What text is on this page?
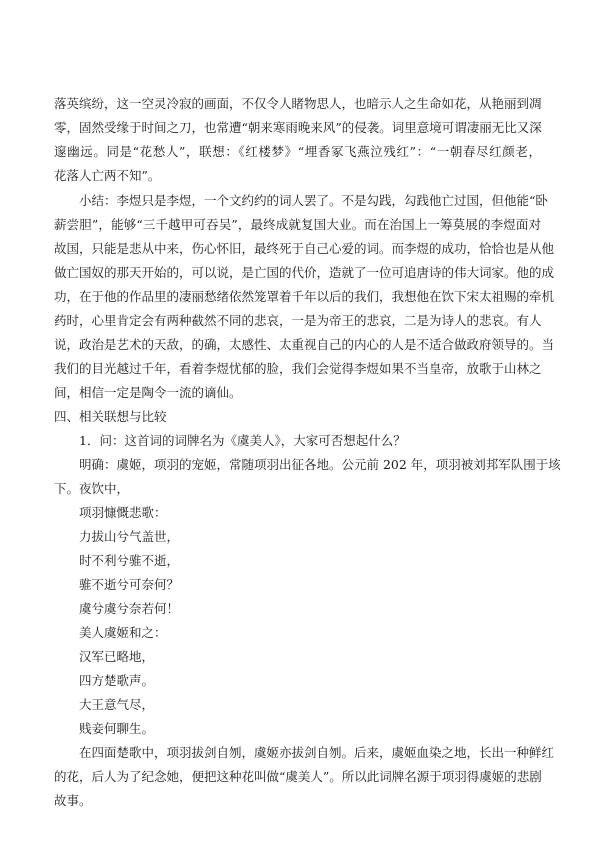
落英缤纷，这一空灵冷寂的画面，不仅令人睹物思人，也暗示人之生命如花，从艳丽到凋
零，固然受缘于时间之刀，也常遭“朝来寒雨晚来风”的侵袭。词里意境可谓凄丽无比又深
邃幽远。同是“花愁人”，联想：《红楼梦》“埋香冢飞燕泣残红”：“一朝春尽红颜老，
花落人亡两不知”。
小结：李煜只是李煜，一个文约约的词人罢了。不是勾践，勾践他亡过国，但他能“卧
薪尝胆”，能够“三千越甲可吞吴”，最终成就复国大业。而在治国上一筹莫展的李煜面对
故国，只能是悲从中来，伤心怀旧，最终死于自己心爱的词。而李煜的成功，恰恰也是从他
做亡国奴的那天开始的，可以说，是亡国的代价，造就了一位可追唐诗的伟大词家。他的成
功，在于他的作品里的凄丽愁绪依然笼罩着千年以后的我们，我想他在饮下宋太祖赐的牵机
药时，心里肯定会有两种截然不同的悲哀，一是为帝王的悲哀，二是为诗人的悲哀。有人
说，政治是艺术的天敌，的确，太感性、太重视自己的内心的人是不适合做政府领导的。当
我们的目光越过千年，看着李煜忧郁的脸，我们会觉得李煜如果不当皇帝，放歌于山林之
间，相信一定是陶令一流的谪仙。
四、相关联想与比较
1．问：这首词的词牌名为《虞美人》，大家可否想起什么？
明确：虞姬，项羽的宠姬，常随项羽出征各地。公元前 202 年，项羽被刘邦军队围于垓
下。夜饮中，
项羽慷慨悲歌：
力拔山兮气盖世，
时不利兮骓不逝，
骓不逝兮可奈何？
虞兮虞兮奈若何！
美人虞姬和之：
汉军已略地，
四方楚歌声。
大王意气尽，
贱妾何聊生。
在四面楚歌中，项羽拔剑自刎，虞姬亦拔剑自刎。后来，虞姬血染之地，长出一种鲜红
的花，后人为了纪念她，便把这种花叫做“虞美人”。所以此词牌名源于项羽得虞姬的悲剧
故事。
